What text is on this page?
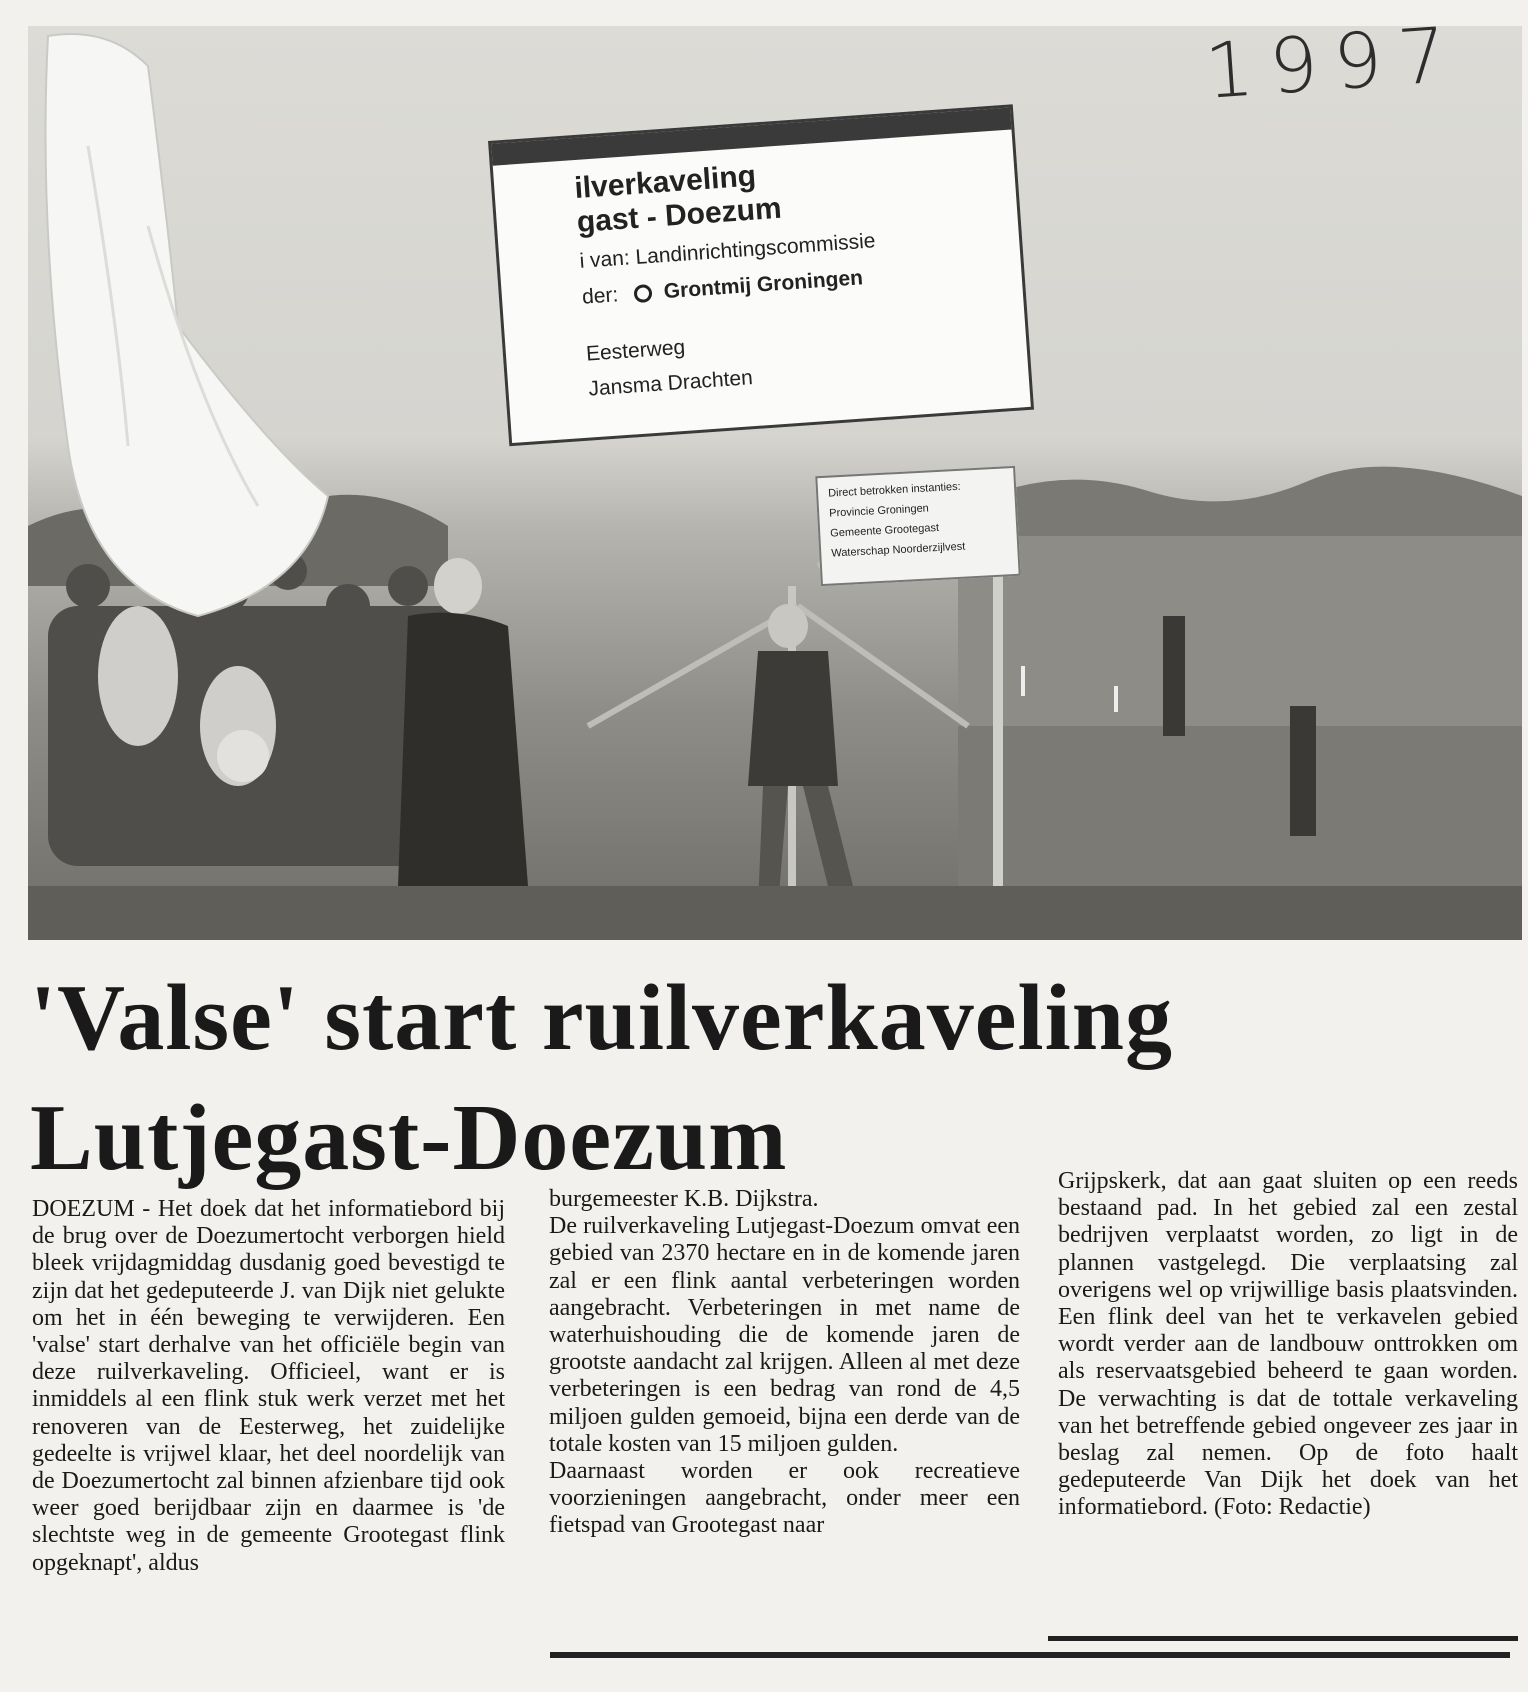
ilverkaveling
gast - Doezum
i van: Landinrichtingscommissie
der: Grontmij Groningen
Eesterweg
Jansma Drachten
Direct betrokken instanties:
Provincie Groningen
Gemeente Grootegast
Waterschap Noorderzijlvest
1997
'Valse' start ruilverkaveling
Lutjegast-Doezum
DOEZUM - Het doek dat het informatiebord bij de brug over de Doezumertocht verborgen hield bleek vrijdagmiddag dusdanig goed bevestigd te zijn dat het gedeputeerde J. van Dijk niet gelukte om het in één beweging te verwijderen. Een 'valse' start derhalve van het officiële begin van deze ruilverkaveling. Officieel, want er is inmiddels al een flink stuk werk verzet met het renoveren van de Eesterweg, het zuidelijke gedeelte is vrijwel klaar, het deel noordelijk van de Doezumertocht zal binnen afzienbare tijd ook weer goed berijdbaar zijn en daarmee is 'de slechtste weg in de gemeente Grootegast flink opgeknapt', aldus
burgemeester K.B. Dijkstra.
De ruilverkaveling Lutjegast-Doezum omvat een gebied van 2370 hectare en in de komende jaren zal er een flink aantal verbeteringen worden aangebracht. Verbeteringen in met name de waterhuishouding die de komende jaren de grootste aandacht zal krijgen. Alleen al met deze verbeteringen is een bedrag van rond de 4,5 miljoen gulden gemoeid, bijna een derde van de totale kosten van 15 miljoen gulden.
Daarnaast worden er ook recreatieve voorzieningen aangebracht, onder meer een fietspad van Grootegast naar
Grijpskerk, dat aan gaat sluiten op een reeds bestaand pad. In het gebied zal een zestal bedrijven verplaatst worden, zo ligt in de plannen vastgelegd. Die verplaatsing zal overigens wel op vrijwillige basis plaatsvinden. Een flink deel van het te verkavelen gebied wordt verder aan de landbouw onttrokken om als reservaatsgebied beheerd te gaan worden. De verwachting is dat de tottale verkaveling van het betreffende gebied ongeveer zes jaar in beslag zal nemen. Op de foto haalt gedeputeerde Van Dijk het doek van het informatiebord. (Foto: Redactie)
